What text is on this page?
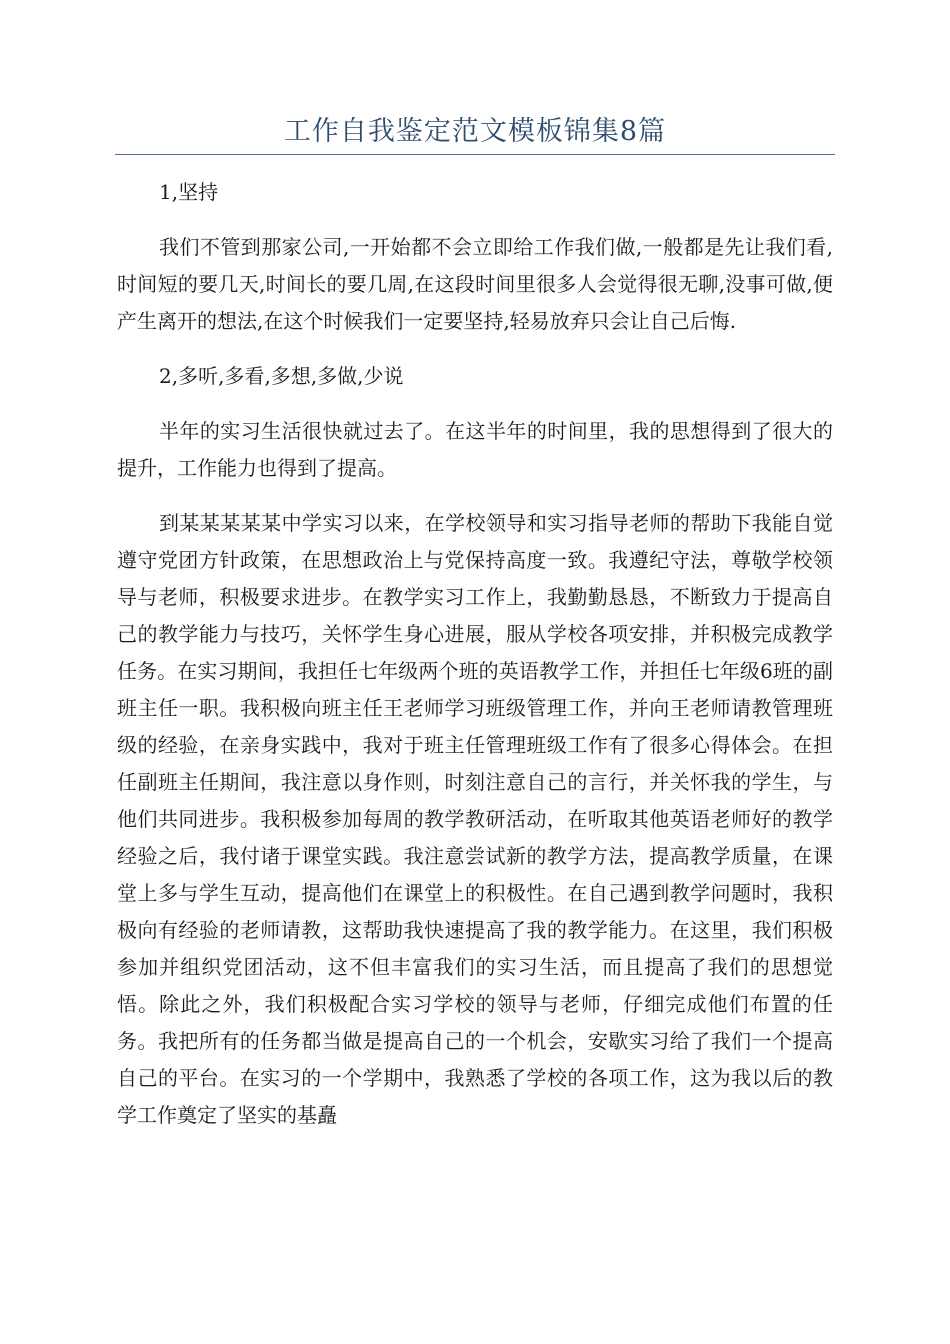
工作自我鉴定范文模板锦集8篇

1,坚持

我们不管到那家公司,一开始都不会立即给工作我们做,一般都是先让我们看,时间短的要几天,时间长的要几周,在这段时间里很多人会觉得很无聊,没事可做,便产生离开的想法,在这个时候我们一定要坚持,轻易放弃只会让自己后悔.

2,多听,多看,多想,多做,少说

半年的实习生活很快就过去了。在这半年的时间里，我的思想得到了很大的提升，工作能力也得到了提高。

到某某某某某中学实习以来，在学校领导和实习指导老师的帮助下我能自觉遵守党团方针政策，在思想政治上与党保持高度一致。我遵纪守法，尊敬学校领导与老师，积极要求进步。在教学实习工作上，我勤勤恳恳，不断致力于提高自己的教学能力与技巧，关怀学生身心进展，服从学校各项安排，并积极完成教学任务。在实习期间，我担任七年级两个班的英语教学工作，并担任七年级6班的副班主任一职。我积极向班主任王老师学习班级管理工作，并向王老师请教管理班级的经验，在亲身实践中，我对于班主任管理班级工作有了很多心得体会。在担任副班主任期间，我注意以身作则，时刻注意自己的言行，并关怀我的学生，与他们共同进步。我积极参加每周的教学教研活动，在听取其他英语老师好的教学经验之后，我付诸于课堂实践。我注意尝试新的教学方法，提高教学质量，在课堂上多与学生互动，提高他们在课堂上的积极性。在自己遇到教学问题时，我积极向有经验的老师请教，这帮助我快速提高了我的教学能力。在这里，我们积极参加并组织党团活动，这不但丰富我们的实习生活，而且提高了我们的思想觉悟。除此之外，我们积极配合实习学校的领导与老师，仔细完成他们布置的任务。我把所有的任务都当做是提高自己的一个机会，安歇实习给了我们一个提高自己的平台。在实习的一个学期中，我熟悉了学校的各项工作，这为我以后的教学工作奠定了坚实的基矗
